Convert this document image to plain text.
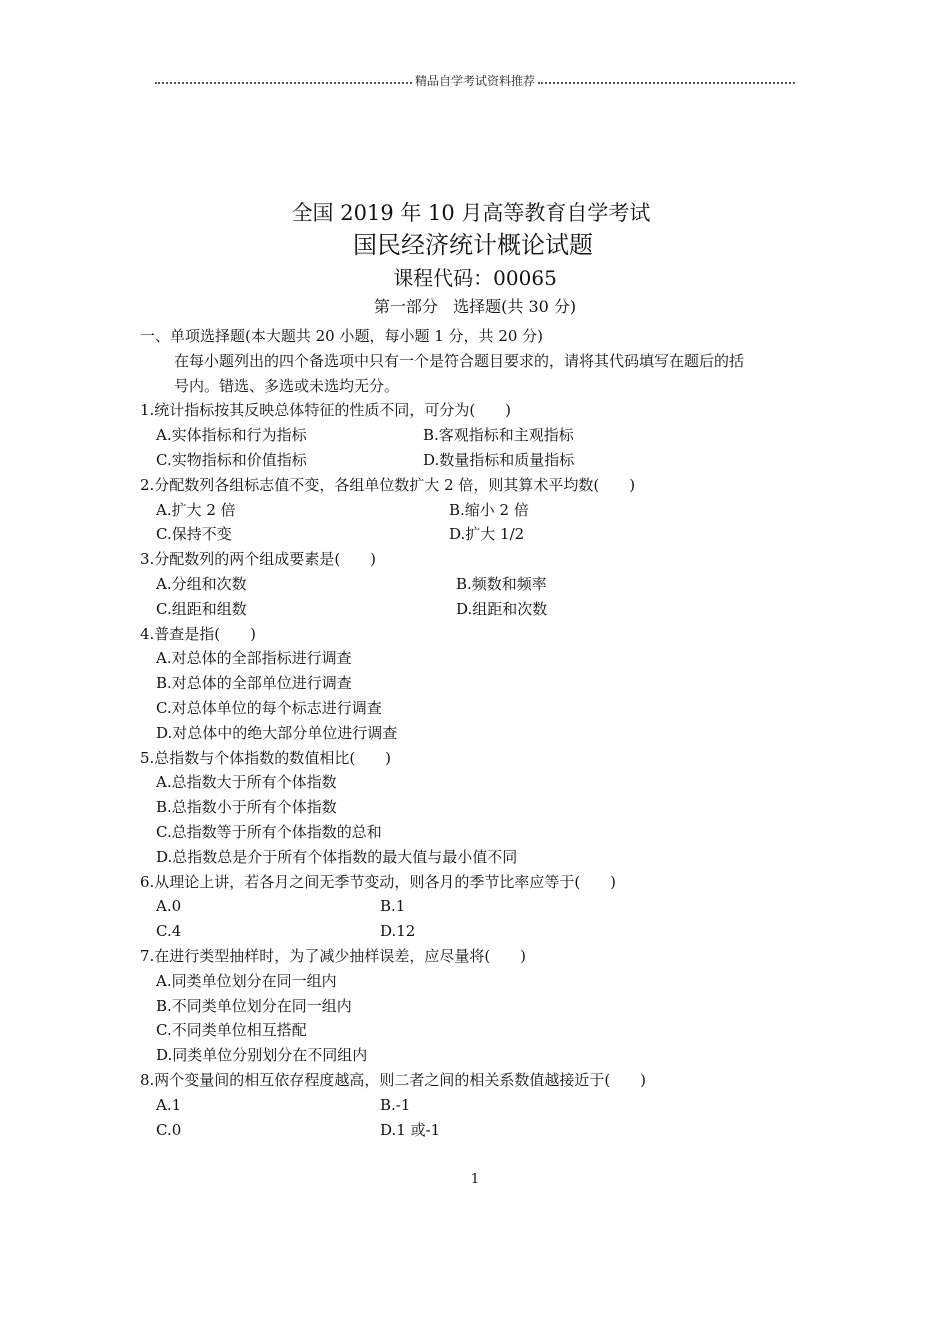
精品自学考试资料推荐
全国 2019 年 10 月高等教育自学考试
国民经济统计概论试题
课程代码：00065
第一部分   选择题(共 30 分)
一、单项选择题(本大题共 20 小题，每小题 1 分，共 20 分)
在每小题列出的四个备选项中只有一个是符合题目要求的，请将其代码填写在题后的括
号内。错选、多选或未选均无分。
1.统计指标按其反映总体特征的性质不同，可分为(　　)
A.实体指标和行为指标	B.客观指标和主观指标
C.实物指标和价值指标	D.数量指标和质量指标
2.分配数列各组标志值不变，各组单位数扩大 2 倍，则其算术平均数(　　)
A.扩大 2 倍	B.缩小 2 倍
C.保持不变	D.扩大 1/2
3.分配数列的两个组成要素是(　　)
A.分组和次数	B.频数和频率
C.组距和组数	D.组距和次数
4.普查是指(　　)
A.对总体的全部指标进行调查
B.对总体的全部单位进行调查
C.对总体单位的每个标志进行调查
D.对总体中的绝大部分单位进行调查
5.总指数与个体指数的数值相比(　　)
A.总指数大于所有个体指数
B.总指数小于所有个体指数
C.总指数等于所有个体指数的总和
D.总指数总是介于所有个体指数的最大值与最小值不同
6.从理论上讲，若各月之间无季节变动，则各月的季节比率应等于(　　)
A.0	B.1
C.4	D.12
7.在进行类型抽样时，为了减少抽样误差，应尽量将(　　)
A.同类单位划分在同一组内
B.不同类单位划分在同一组内
C.不同类单位相互搭配
D.同类单位分别划分在不同组内
8.两个变量间的相互依存程度越高，则二者之间的相关系数值越接近于(　　)
A.1	B.-1
C.0	D.1 或-1
1
